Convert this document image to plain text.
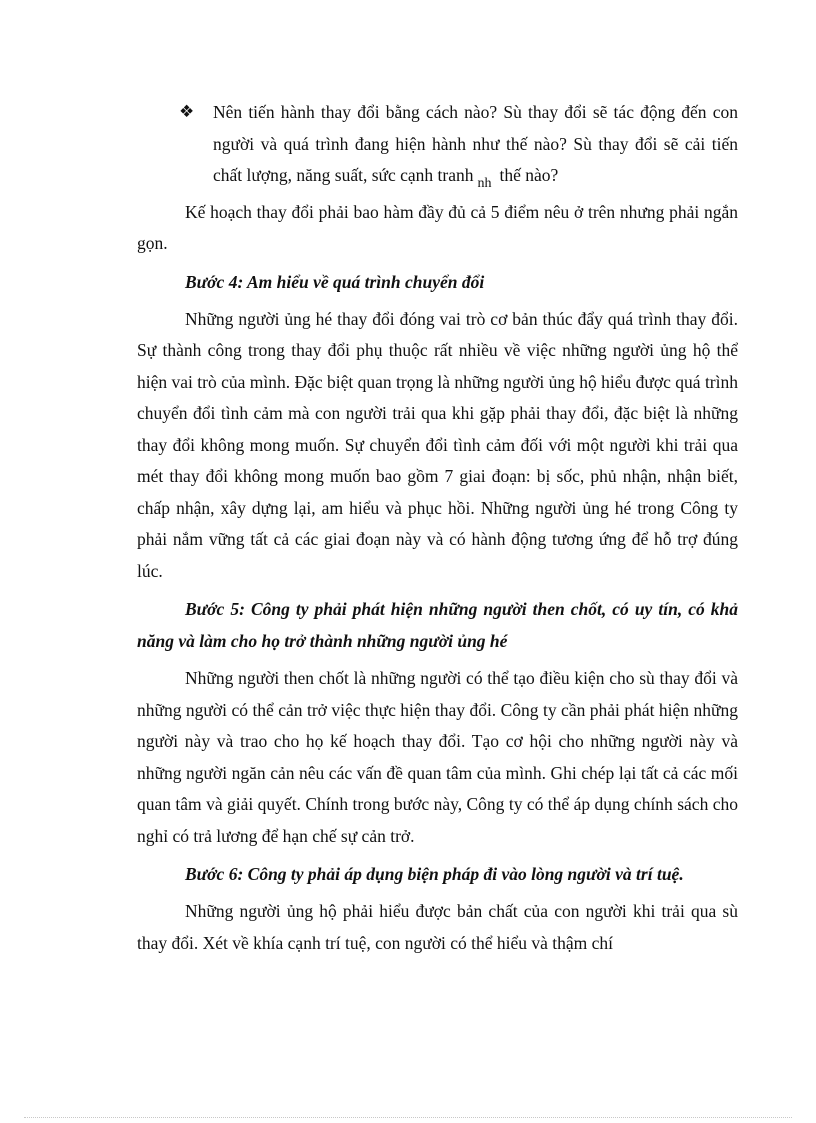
❖ Nên tiến hành thay đổi bằng cách nào? Sù thay đổi sẽ tác động đến con người và quá trình đang hiện hành như thế nào? Sù thay đổi sẽ cải tiến chất lượng, năng suất, sức cạnh tranh $_{nh}$ thế nào?

Kế hoạch thay đổi phải bao hàm đầy đủ cả 5 điểm nêu ở trên nhưng phải ngắn gọn.

Bước 4: Am hiểu về quá trình chuyển đổi

Những người ủng hé thay đổi đóng vai trò cơ bản thúc đẩy quá trình thay đổi. Sự thành công trong thay đổi phụ thuộc rất nhiều về việc những người ủng hộ thể hiện vai trò của mình. Đặc biệt quan trọng là những người ủng hộ hiểu được quá trình chuyển đổi tình cảm mà con người trải qua khi gặp phải thay đổi, đặc biệt là những thay đổi không mong muốn. Sự chuyển đổi tình cảm đối với một người khi trải qua mét thay đổi không mong muốn bao gồm 7 giai đoạn: bị sốc, phủ nhận, nhận biết, chấp nhận, xây dựng lại, am hiểu và phục hồi. Những người ủng hé trong Công ty phải nắm vững tất cả các giai đoạn này và có hành động tương ứng để hỗ trợ đúng lúc.

Bước 5: Công ty phải phát hiện những người then chốt, có uy tín, có khả năng và làm cho họ trở thành những người ủng hé

Những người then chốt là những người có thể tạo điều kiện cho sù thay đổi và những người có thể cản trở việc thực hiện thay đổi. Công ty cần phải phát hiện những người này và trao cho họ kế hoạch thay đổi. Tạo cơ hội cho những người này và những người ngăn cản nêu các vấn đề quan tâm của mình. Ghi chép lại tất cả các mối quan tâm và giải quyết. Chính trong bước này, Công ty có thể áp dụng chính sách cho nghỉ có trả lương để hạn chế sự cản trở.

Bước 6: Công ty phải áp dụng biện pháp đi vào lòng người và trí tuệ.

Những người ủng hộ phải hiểu được bản chất của con người khi trải qua sù thay đổi. Xét về khía cạnh trí tuệ, con người có thể hiểu và thậm chí
